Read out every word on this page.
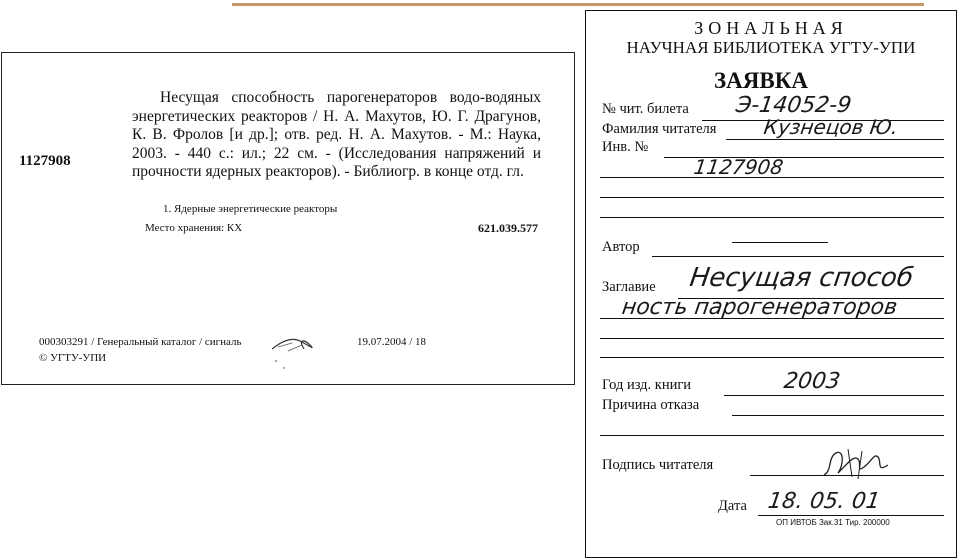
1127908
Несущая способность парогенераторов водо-водяных энергетических реакторов / Н. А. Махутов, Ю. Г. Драгунов, К. В. Фролов [и др.]; отв. ред. Н. А. Махутов. - М.: Наука, 2003. - 440 с.: ил.; 22 см. - (Исследования напряжений и прочности ядерных реакторов). - Библиогр. в конце отд. гл.
1. Ядерные энергетические реакторы
Место хранения: КХ	621.039.577
000303291 / Генеральный каталог / сигналь	19.07.2004 / 18
© УГТУ-УПИ
ЗОНАЛЬНАЯ
НАУЧНАЯ БИБЛИОТЕКА УГТУ-УПИ
ЗАЯВКА
№ чит. билета Э-14052-9
Фамилия читателя Кузнецов Ю.
Инв. №
1127908
Автор
Заглавие Несущая способ
ность парогенераторов
Год изд. книги	2003
Причина отказа
Подпись читателя
Дата 18. 05. 01
ОП ИВТОБ Зак.31 Тир. 200000
